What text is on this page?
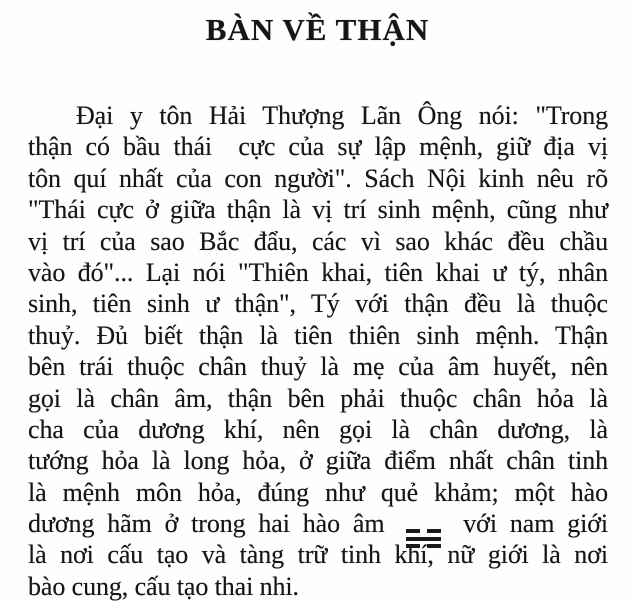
BÀN VỀ THẬN
Đại y tôn Hải Thượng Lãn Ông nói: "Trong
thận có bầu thái  cực của sự lập mệnh, giữ địa vị
tôn quí nhất của con người". Sách Nội kinh nêu rõ
"Thái cực ở giữa thận là vị trí sinh mệnh, cũng như
vị trí của sao Bắc đẩu, các vì sao khác đều chầu
vào đó"... Lại nói "Thiên khai, tiên khai ư tý, nhân
sinh, tiên sinh ư thận", Tý với thận đều là thuộc
thuỷ. Đủ biết thận là tiên thiên sinh mệnh. Thận
bên trái thuộc chân thuỷ là mẹ của âm huyết, nên
gọi là chân âm, thận bên phải thuộc chân hỏa là
cha của dương khí, nên gọi là chân dương, là
tướng hỏa là long hỏa, ở giữa điểm nhất chân tinh
là mệnh môn hỏa, đúng như quẻ khảm; một hào
dương hãm ở trong hai hào âm	với nam giới
là nơi cấu tạo và tàng trữ tinh khí, nữ giới là nơi
bào cung, cấu tạo thai nhi.
